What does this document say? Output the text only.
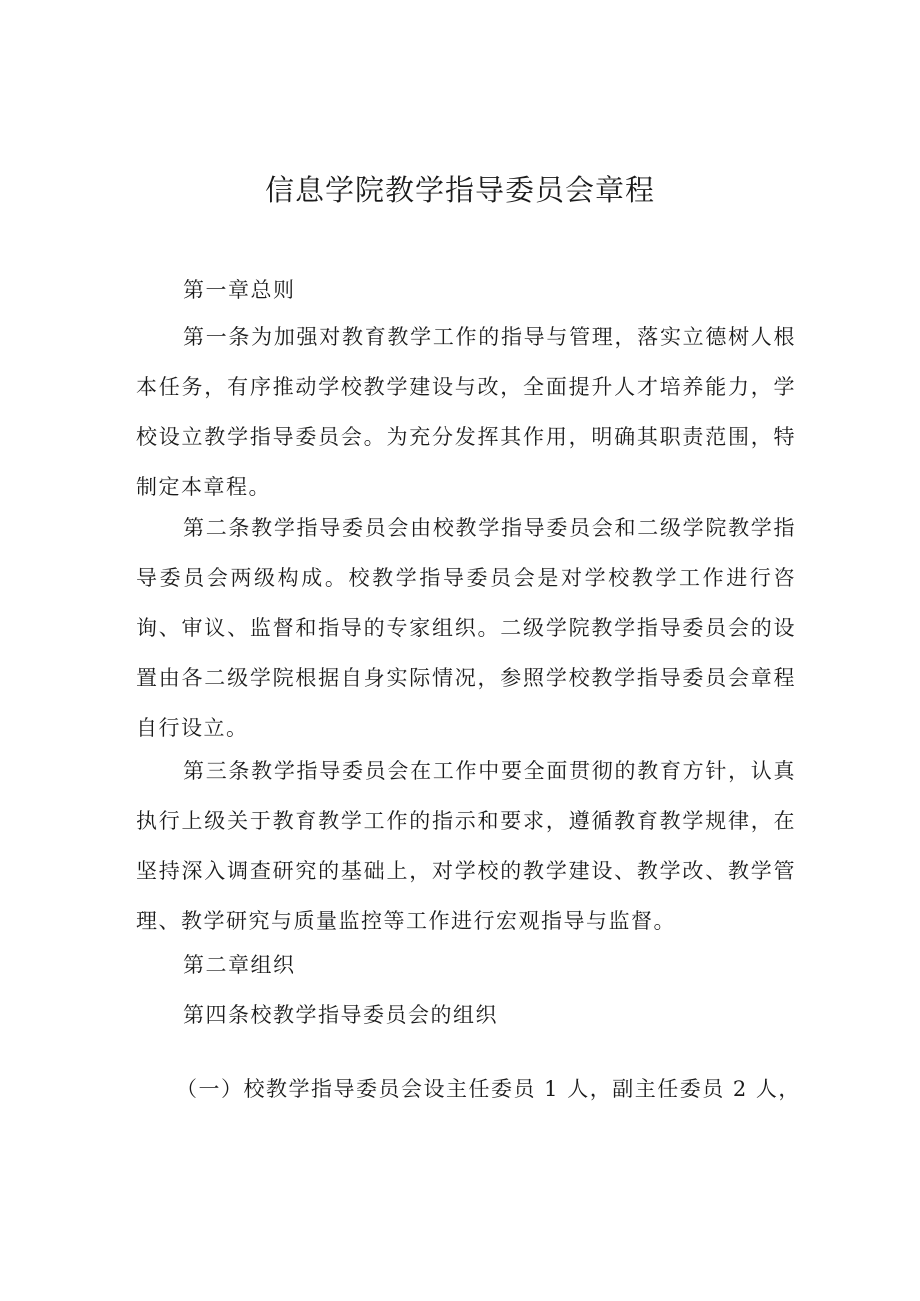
信息学院教学指导委员会章程

第一章总则

第一条为加强对教育教学工作的指导与管理，落实立德树人根本任务，有序推动学校教学建设与改，全面提升人才培养能力，学校设立教学指导委员会。为充分发挥其作用，明确其职责范围，特制定本章程。

第二条教学指导委员会由校教学指导委员会和二级学院教学指导委员会两级构成。校教学指导委员会是对学校教学工作进行咨询、审议、监督和指导的专家组织。二级学院教学指导委员会的设置由各二级学院根据自身实际情况，参照学校教学指导委员会章程自行设立。

第三条教学指导委员会在工作中要全面贯彻的教育方针，认真执行上级关于教育教学工作的指示和要求，遵循教育教学规律，在坚持深入调查研究的基础上，对学校的教学建设、教学改、教学管理、教学研究与质量监控等工作进行宏观指导与监督。

第二章组织

第四条校教学指导委员会的组织

（一）校教学指导委员会设主任委员 1 人，副主任委员 2 人，
